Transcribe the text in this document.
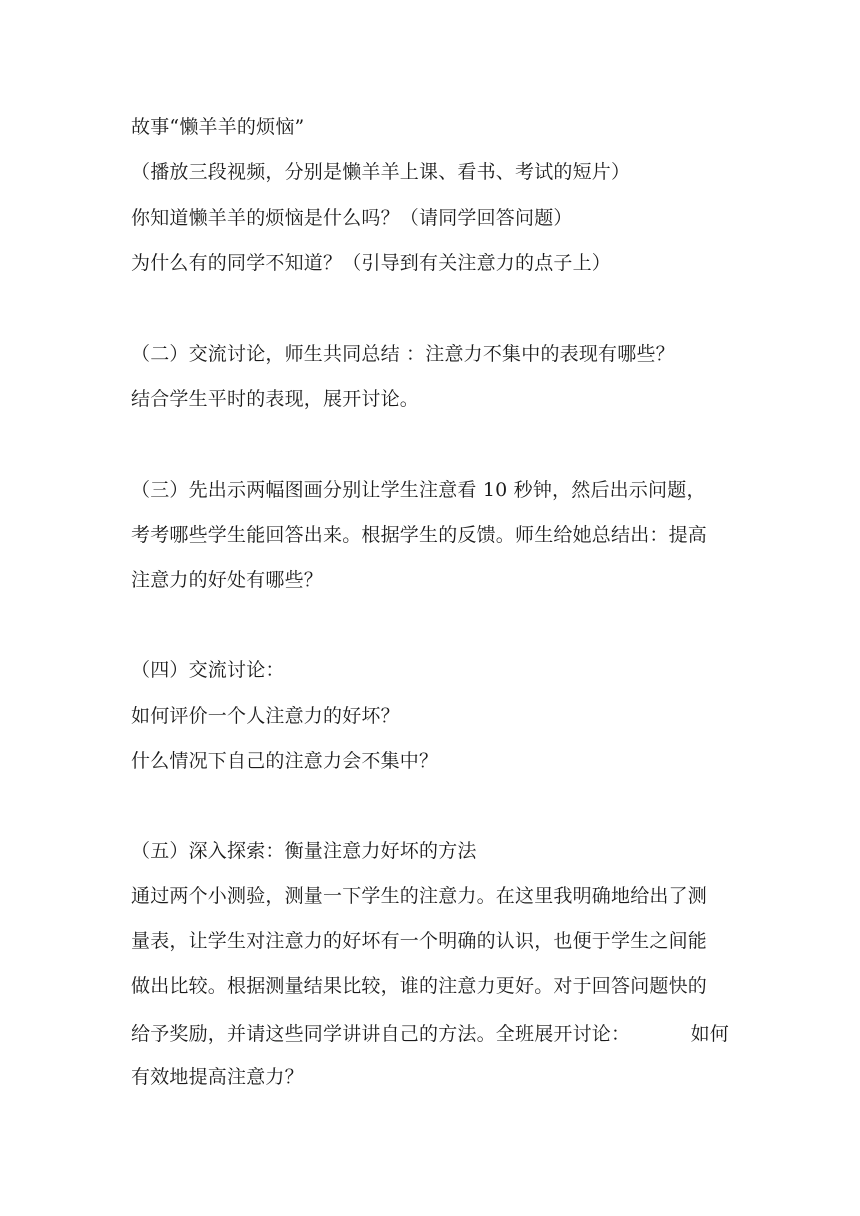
故事“懒羊羊的烦恼”
（播放三段视频，分别是懒羊羊上课、看书、考试的短片）
你知道懒羊羊的烦恼是什么吗？（请同学回答问题）
为什么有的同学不知道？（引导到有关注意力的点子上）
（二）交流讨论，师生共同总结 ：注意力不集中的表现有哪些？
结合学生平时的表现，展开讨论。
（三）先出示两幅图画分别让学生注意看 10 秒钟，然后出示问题，
考考哪些学生能回答出来。根据学生的反馈。师生给她总结出：提高
注意力的好处有哪些？
（四）交流讨论：
如何评价一个人注意力的好坏？
什么情况下自己的注意力会不集中？
（五）深入探索：衡量注意力好坏的方法
通过两个小测验，测量一下学生的注意力。在这里我明确地给出了测
量表，让学生对注意力的好坏有一个明确的认识，也便于学生之间能
做出比较。根据测量结果比较，谁的注意力更好。对于回答问题快的
给予奖励，并请这些同学讲讲自己的方法。全班展开讨论：	如何
有效地提高注意力？
